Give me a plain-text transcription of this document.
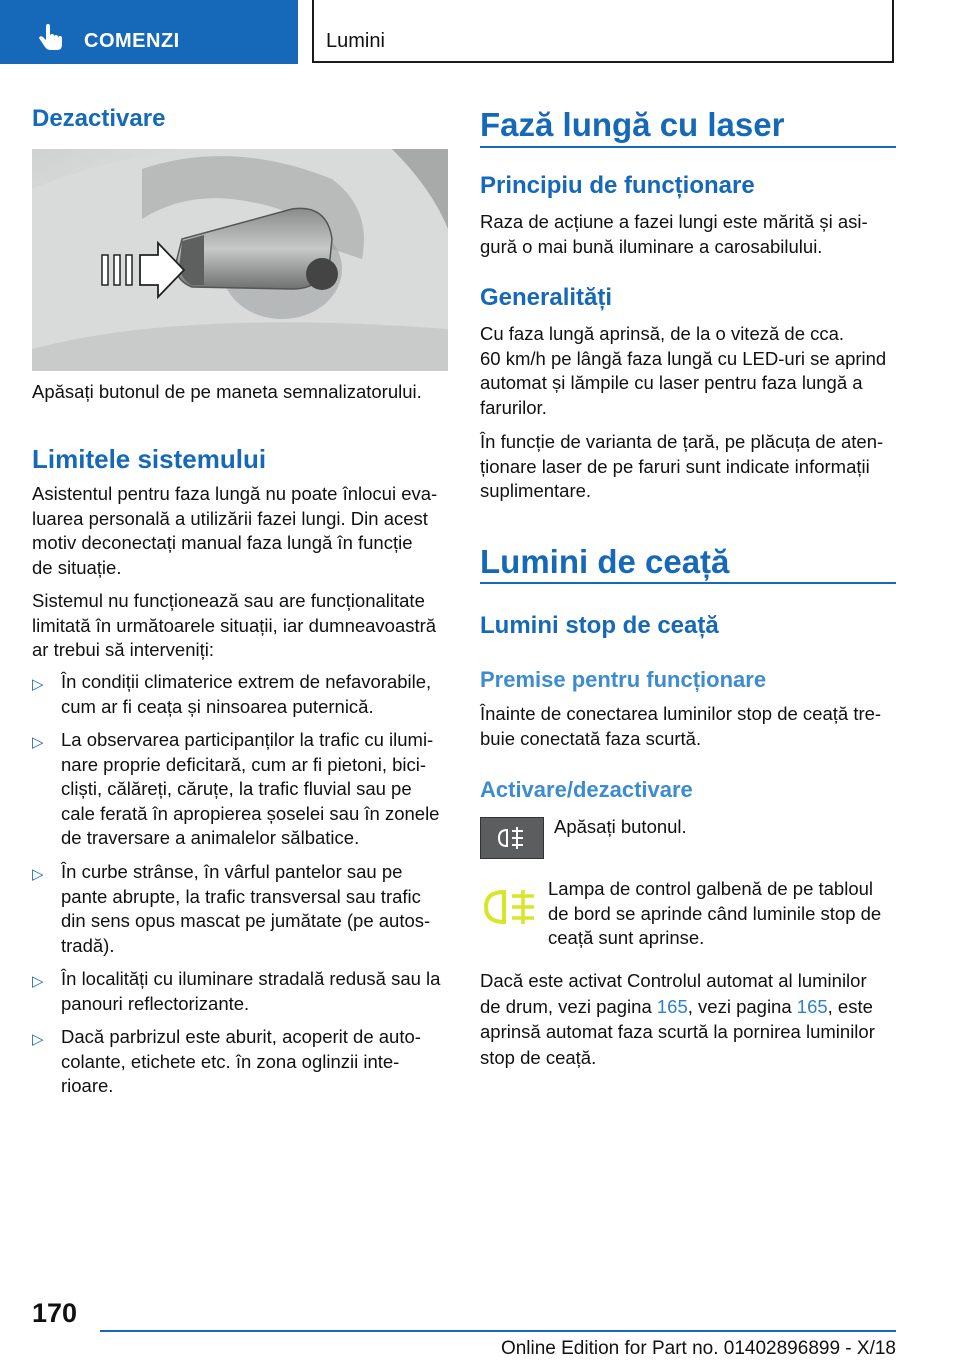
COMENZI	Lumini
Dezactivare
Apăsați butonul de pe maneta semnalizatorului.
Limitele sistemului
Asistentul pentru faza lungă nu poate înlocui eva-
luarea personală a utilizării fazei lungi. Din acest
motiv deconectați manual faza lungă în funcție
de situație.
Sistemul nu funcționează sau are funcționalitate
limitată în următoarele situații, iar dumneavoastră
ar trebui să interveniți:
▷ În condiții climaterice extrem de nefavorabile,
cum ar fi ceața și ninsoarea puternică.
▷ La observarea participanților la trafic cu ilumi-
nare proprie deficitară, cum ar fi pietoni, bici-
cliști, călăreți, căruțe, la trafic fluvial sau pe
cale ferată în apropierea șoselei sau în zonele
de traversare a animalelor sălbatice.
▷ În curbe strânse, în vârful pantelor sau pe
pante abrupte, la trafic transversal sau trafic
din sens opus mascat pe jumătate (pe autos-
tradă).
▷ În localități cu iluminare stradală redusă sau la
panouri reflectorizante.
▷ Dacă parbrizul este aburit, acoperit de auto-
colante, etichete etc. în zona oglinzii inte-
rioare.
Fază lungă cu laser
Principiu de funcționare
Raza de acțiune a fazei lungi este mărită și asi-
gură o mai bună iluminare a carosabilului.
Generalități
Cu faza lungă aprinsă, de la o viteză de cca.
60 km/h pe lângă faza lungă cu LED-uri se aprind
automat și lămpile cu laser pentru faza lungă a
farurilor.
În funcție de varianta de țară, pe plăcuța de aten-
ționare laser de pe faruri sunt indicate informații
suplimentare.
Lumini de ceață
Lumini stop de ceață
Premise pentru funcționare
Înainte de conectarea luminilor stop de ceață tre-
buie conectată faza scurtă.
Activare/dezactivare
Apăsați butonul.
Lampa de control galbenă de pe tabloul
de bord se aprinde când luminile stop de
ceață sunt aprinse.
Dacă este activat Controlul automat al luminilor
de drum, vezi pagina 165, vezi pagina 165, este
aprinsă automat faza scurtă la pornirea luminilor
stop de ceață.
170
Online Edition for Part no. 01402896899 - X/18
